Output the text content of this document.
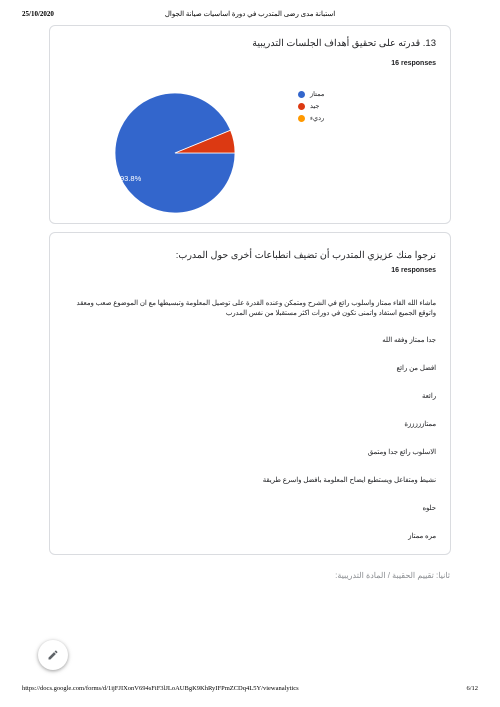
25/10/2020	استبانة مدى رضى المتدرب في دورة اساسيات صيانة الجوال
13. قدرته على تحقيق أهداف الجلسات التدريبية
16 responses
93.8%
ممتاز
جيد
رديء
نرجوا منك عزيزي المتدرب أن تضيف انطباعات أخرى حول المدرب:
16 responses
ماشاء الله القاء ممتاز واسلوب رائع في الشرح ومتمكن وعنده القدرة على توصيل المعلومة وتبسيطها مع ان الموضوع صعب ومعقد واتوقع الجميع استفاد واتمنى تكون في دورات اكثر مستقبلا من نفس المدرب
جدا ممتاز وفقه الله
افضل من رائع
رائعة
ممتازززززة
الاسلوب رائع جدا ومتمق
نشيط ومتفاعل ويستطيع ايضاح المعلومة بافضل واسرع طريقة
حلوه
مره ممتاز
ثانيا: تقييم الحقيبة / المادة التدريبية:
https://docs.google.com/forms/d/1ijFJIXonV694sFiF3lJLoAUBgK9KhRyIFPmZCDq4L5Y/viewanalytics	6/12
